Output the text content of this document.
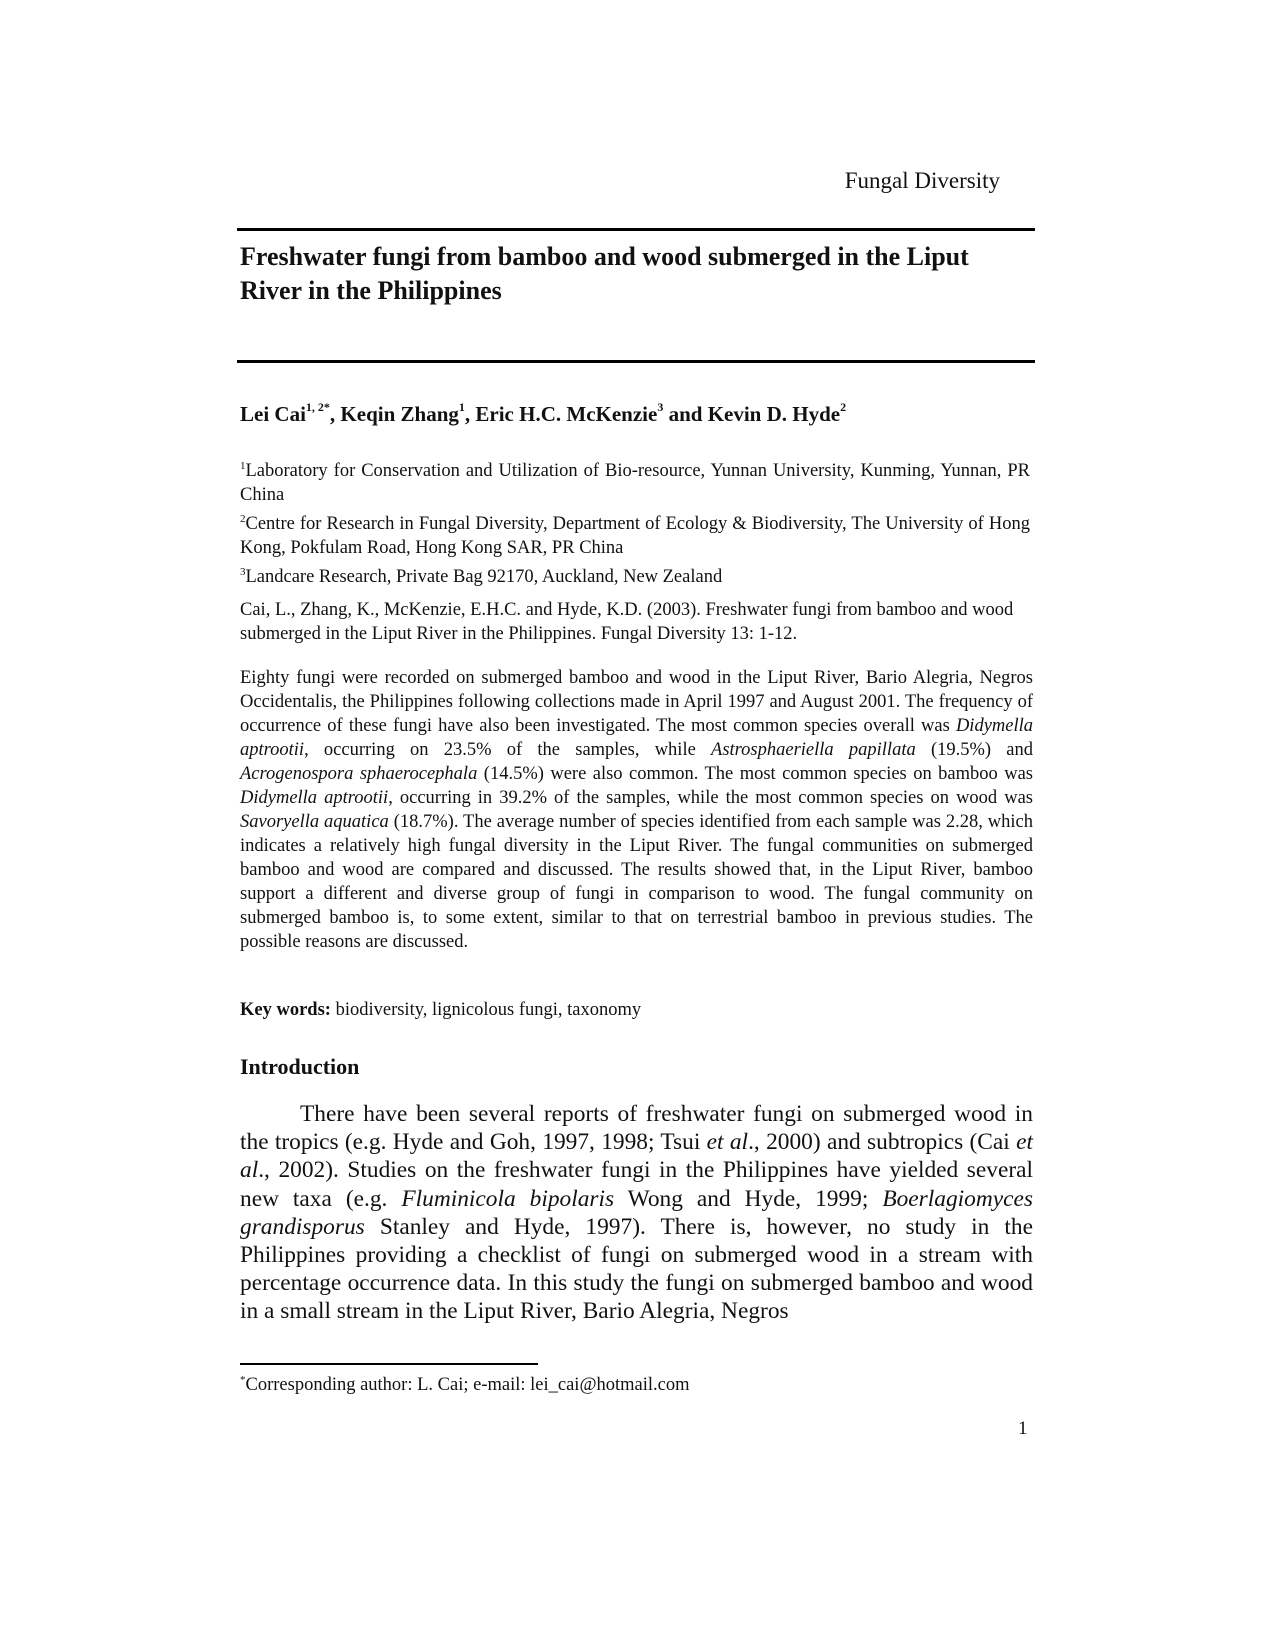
Fungal Diversity
Freshwater fungi from bamboo and wood submerged in the Liput River in the Philippines
Lei Cai$^{1, 2*}$, Keqin Zhang$^1$, Eric H.C. McKenzie$^3$ and Kevin D. Hyde$^2$

$^1$Laboratory for Conservation and Utilization of Bio-resource, Yunnan University, Kunming, Yunnan, PR China

$^2$Centre for Research in Fungal Diversity, Department of Ecology & Biodiversity, The University of Hong Kong, Pokfulam Road, Hong Kong SAR, PR China

$^3$Landcare Research, Private Bag 92170, Auckland, New Zealand

Cai, L., Zhang, K., McKenzie, E.H.C. and Hyde, K.D. (2003). Freshwater fungi from bamboo and wood submerged in the Liput River in the Philippines. Fungal Diversity 13: 1-12.
Eighty fungi were recorded on submerged bamboo and wood in the Liput River, Bario Alegria, Negros Occidentalis, the Philippines following collections made in April 1997 and August 2001. The frequency of occurrence of these fungi have also been investigated. The most common species overall was Didymella aptrootii, occurring on 23.5% of the samples, while Astrosphaeriella papillata (19.5%) and Acrogenospora sphaerocephala (14.5%) were also common. The most common species on bamboo was Didymella aptrootii, occurring in 39.2% of the samples, while the most common species on wood was Savoryella aquatica (18.7%). The average number of species identified from each sample was 2.28, which indicates a relatively high fungal diversity in the Liput River. The fungal communities on submerged bamboo and wood are compared and discussed. The results showed that, in the Liput River, bamboo support a different and diverse group of fungi in comparison to wood. The fungal community on submerged bamboo is, to some extent, similar to that on terrestrial bamboo in previous studies. The possible reasons are discussed.
Key words: biodiversity, lignicolous fungi, taxonomy
Introduction
There have been several reports of freshwater fungi on submerged wood in the tropics (e.g. Hyde and Goh, 1997, 1998; Tsui et al., 2000) and subtropics (Cai et al., 2002). Studies on the freshwater fungi in the Philippines have yielded several new taxa (e.g. Fluminicola bipolaris Wong and Hyde, 1999; Boerlagiomyces grandisporus Stanley and Hyde, 1997). There is, however, no study in the Philippines providing a checklist of fungi on submerged wood in a stream with percentage occurrence data. In this study the fungi on submerged bamboo and wood in a small stream in the Liput River, Bario Alegria, Negros
*Corresponding author: L. Cai; e-mail: lei_cai@hotmail.com
1
